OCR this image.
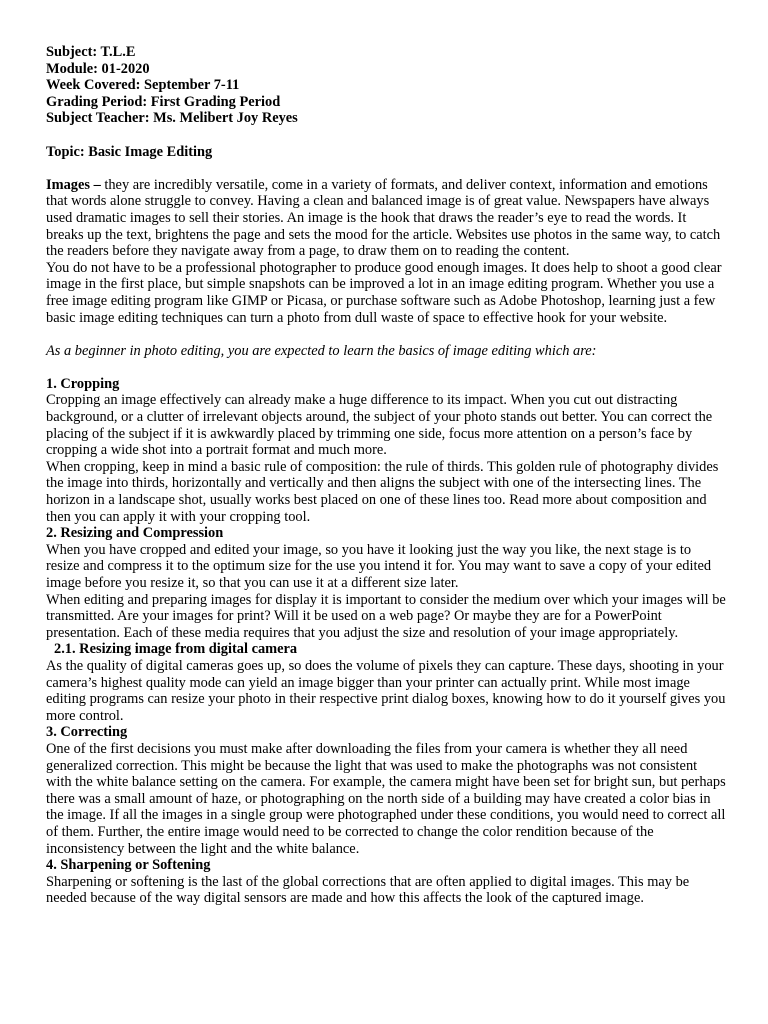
Subject: T.L.E

Module: 01-2020

Week Covered: September 7-11

Grading Period: First Grading Period

Subject Teacher: Ms. Melibert Joy Reyes

Topic: Basic Image Editing

Images – they are incredibly versatile, come in a variety of formats, and deliver context, information and emotions that words alone struggle to convey. Having a clean and balanced image is of great value. Newspapers have always used dramatic images to sell their stories. An image is the hook that draws the reader’s eye to read the words. It breaks up the text, brightens the page and sets the mood for the article. Websites use photos in the same way, to catch the readers before they navigate away from a page, to draw them on to reading the content.

You do not have to be a professional photographer to produce good enough images. It does help to shoot a good clear image in the first place, but simple snapshots can be improved a lot in an image editing program. Whether you use a free image editing program like GIMP or Picasa, or purchase software such as Adobe Photoshop, learning just a few basic image editing techniques can turn a photo from dull waste of space to effective hook for your website.

As a beginner in photo editing, you are expected to learn the basics of image editing which are:

1. Cropping

Cropping an image effectively can already make a huge difference to its impact. When you cut out distracting background, or a clutter of irrelevant objects around, the subject of your photo stands out better. You can correct the placing of the subject if it is awkwardly placed by trimming one side, focus more attention on a person’s face by cropping a wide shot into a portrait format and much more.

When cropping, keep in mind a basic rule of composition: the rule of thirds. This golden rule of photography divides the image into thirds, horizontally and vertically and then aligns the subject with one of the intersecting lines. The horizon in a landscape shot, usually works best placed on one of these lines too. Read more about composition and then you can apply it with your cropping tool.

2. Resizing and Compression

When you have cropped and edited your image, so you have it looking just the way you like, the next stage is to resize and compress it to the optimum size for the use you intend it for. You may want to save a copy of your edited image before you resize it, so that you can use it at a different size later.

When editing and preparing images for display it is important to consider the medium over which your images will be transmitted. Are your images for print? Will it be used on a web page? Or maybe they are for a PowerPoint presentation. Each of these media requires that you adjust the size and resolution of your image appropriately.

2.1. Resizing image from digital camera

As the quality of digital cameras goes up, so does the volume of pixels they can capture. These days, shooting in your camera’s highest quality mode can yield an image bigger than your printer can actually print. While most image editing programs can resize your photo in their respective print dialog boxes, knowing how to do it yourself gives you more control.

3. Correcting

One of the first decisions you must make after downloading the files from your camera is whether they all need generalized correction. This might be because the light that was used to make the photographs was not consistent with the white balance setting on the camera. For example, the camera might have been set for bright sun, but perhaps there was a small amount of haze, or photographing on the north side of a building may have created a color bias in the image. If all the images in a single group were photographed under these conditions, you would need to correct all of them. Further, the entire image would need to be corrected to change the color rendition because of the inconsistency between the light and the white balance.

4. Sharpening or Softening

Sharpening or softening is the last of the global corrections that are often applied to digital images. This may be needed because of the way digital sensors are made and how this affects the look of the captured image.
